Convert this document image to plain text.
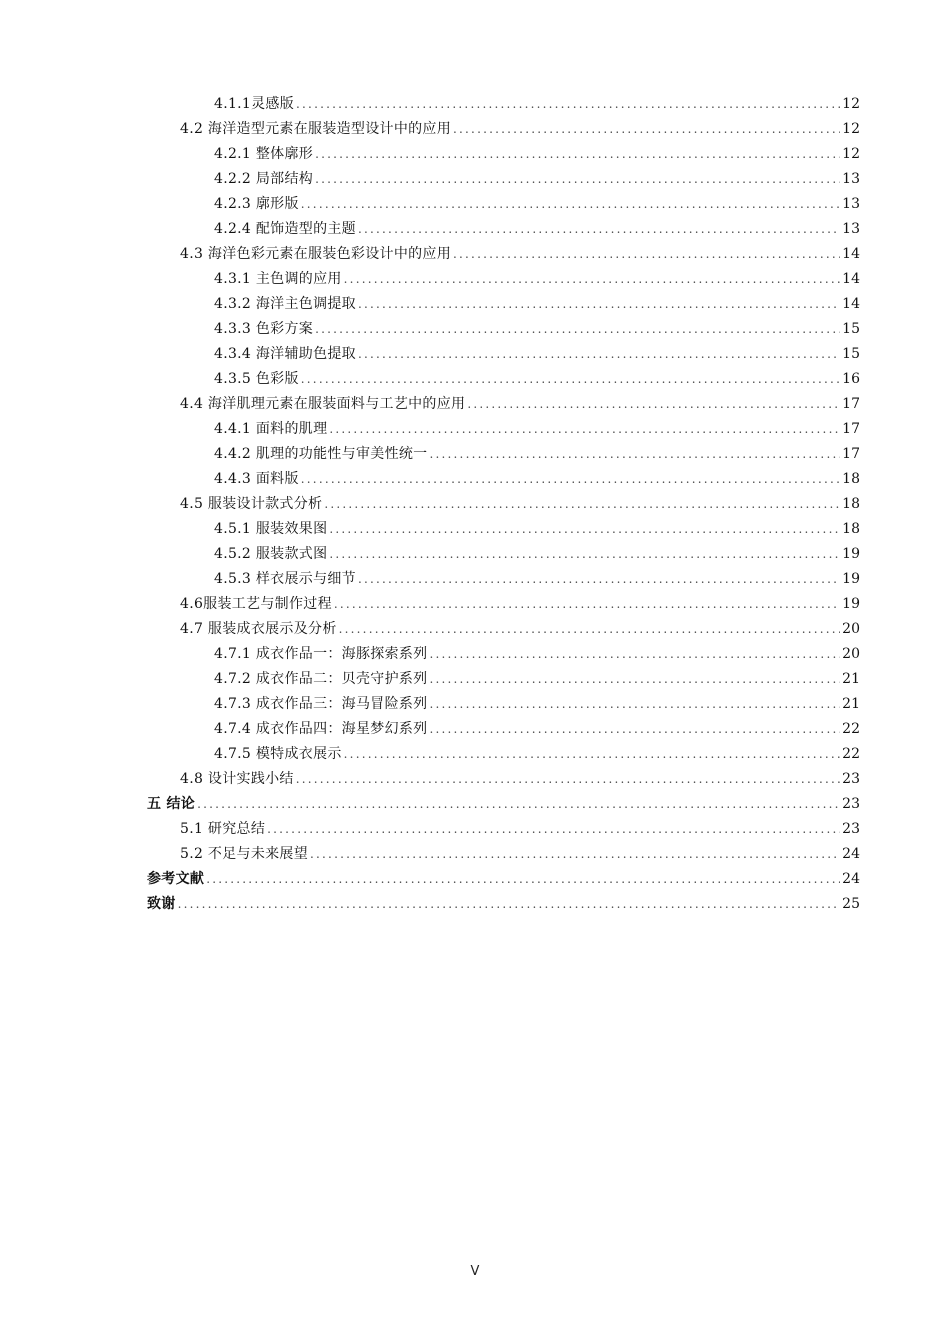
4.1.1灵感版 .....	12
4.2 海洋造型元素在服装造型设计中的应用 .....	12
4.2.1 整体廓形 .....	12
4.2.2 局部结构 .....	13
4.2.3 廓形版 .....	13
4.2.4 配饰造型的主题 .....	13
4.3 海洋色彩元素在服装色彩设计中的应用 .....	14
4.3.1 主色调的应用 .....	14
4.3.2 海洋主色调提取 .....	14
4.3.3 色彩方案 .....	15
4.3.4 海洋辅助色提取 .....	15
4.3.5 色彩版 .....	16
4.4 海洋肌理元素在服装面料与工艺中的应用 .....	17
4.4.1 面料的肌理 .....	17
4.4.2 肌理的功能性与审美性统一 .....	17
4.4.3 面料版 .....	18
4.5 服装设计款式分析 .....	18
4.5.1 服装效果图 .....	18
4.5.2 服装款式图 .....	19
4.5.3 样衣展示与细节 .....	19
4.6服装工艺与制作过程 .....	19
4.7 服装成衣展示及分析 .....	20
4.7.1 成衣作品一：海豚探索系列 .....	20
4.7.2 成衣作品二：贝壳守护系列 .....	21
4.7.3 成衣作品三：海马冒险系列 .....	21
4.7.4 成衣作品四：海星梦幻系列 .....	22
4.7.5 模特成衣展示 .....	22
4.8 设计实践小结 .....	23
五 结论 .....	23
5.1 研究总结 .....	23
5.2 不足与未来展望 .....	24
参考文献 .....	24
致谢 .....	25
V
